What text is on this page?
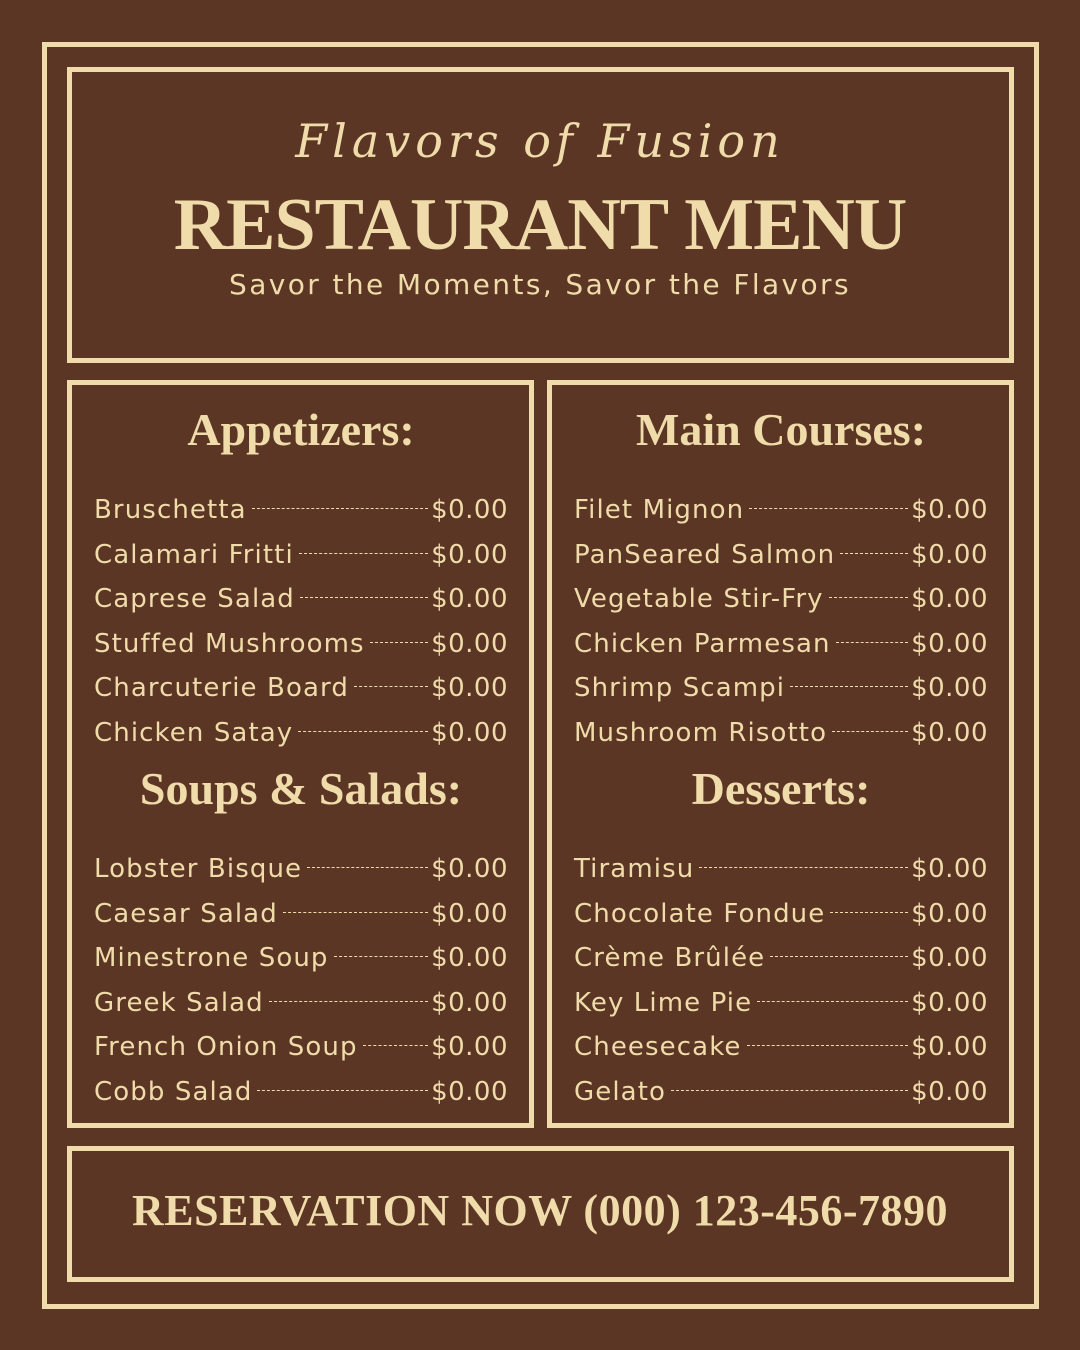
Flavors of Fusion
RESTAURANT MENU
Savor the Moments, Savor the Flavors
Appetizers:
Bruschetta	$0.00
Calamari Fritti	$0.00
Caprese Salad	$0.00
Stuffed Mushrooms	$0.00
Charcuterie Board	$0.00
Chicken Satay	$0.00
Main Courses:
Filet Mignon	$0.00
PanSeared Salmon	$0.00
Vegetable Stir-Fry	$0.00
Chicken Parmesan	$0.00
Shrimp Scampi	$0.00
Mushroom Risotto	$0.00
Soups & Salads:
Lobster Bisque	$0.00
Caesar Salad	$0.00
Minestrone Soup	$0.00
Greek Salad	$0.00
French Onion Soup	$0.00
Cobb Salad	$0.00
Desserts:
Tiramisu	$0.00
Chocolate Fondue	$0.00
Crème Brûlée	$0.00
Key Lime Pie	$0.00
Cheesecake	$0.00
Gelato	$0.00
RESERVATION NOW (000) 123-456-7890
